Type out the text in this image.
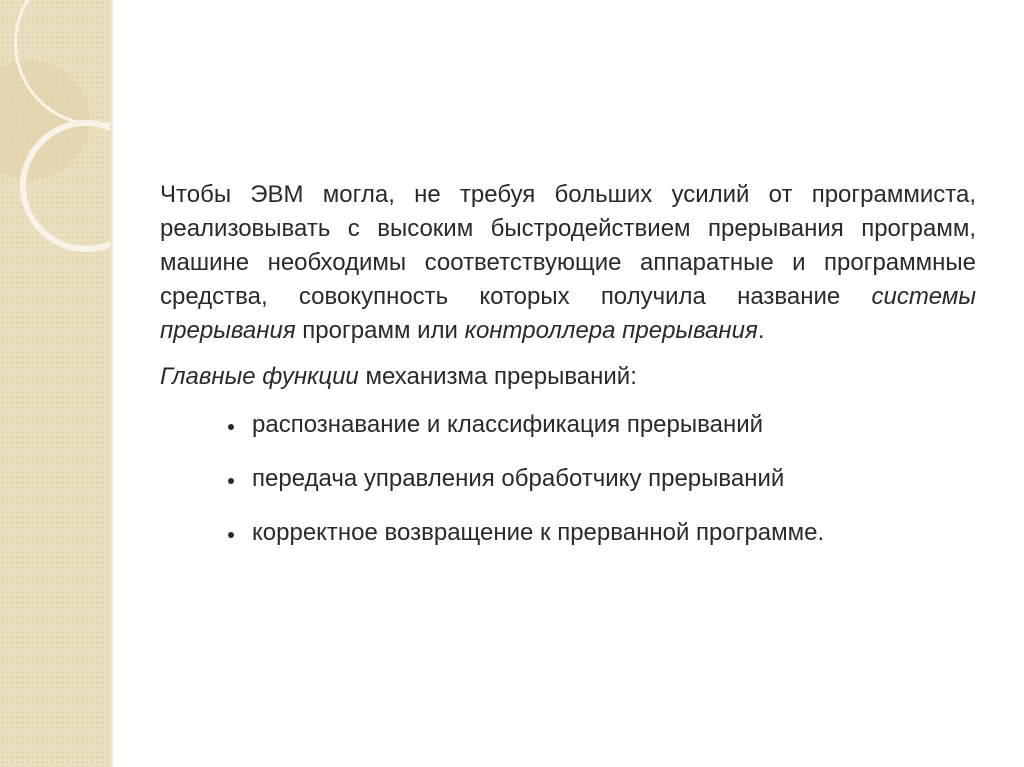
Чтобы ЭВМ могла, не требуя больших усилий от программиста, реализовывать с высоким быстродействием прерывания программ, машине необходимы соответствующие аппаратные и программные средства, совокупность которых получила название системы прерывания программ или контроллера прерывания.

Главные функции механизма прерываний:

распознавание и классификация прерываний
передача управления обработчику прерываний
корректное возвращение к прерванной программе.
